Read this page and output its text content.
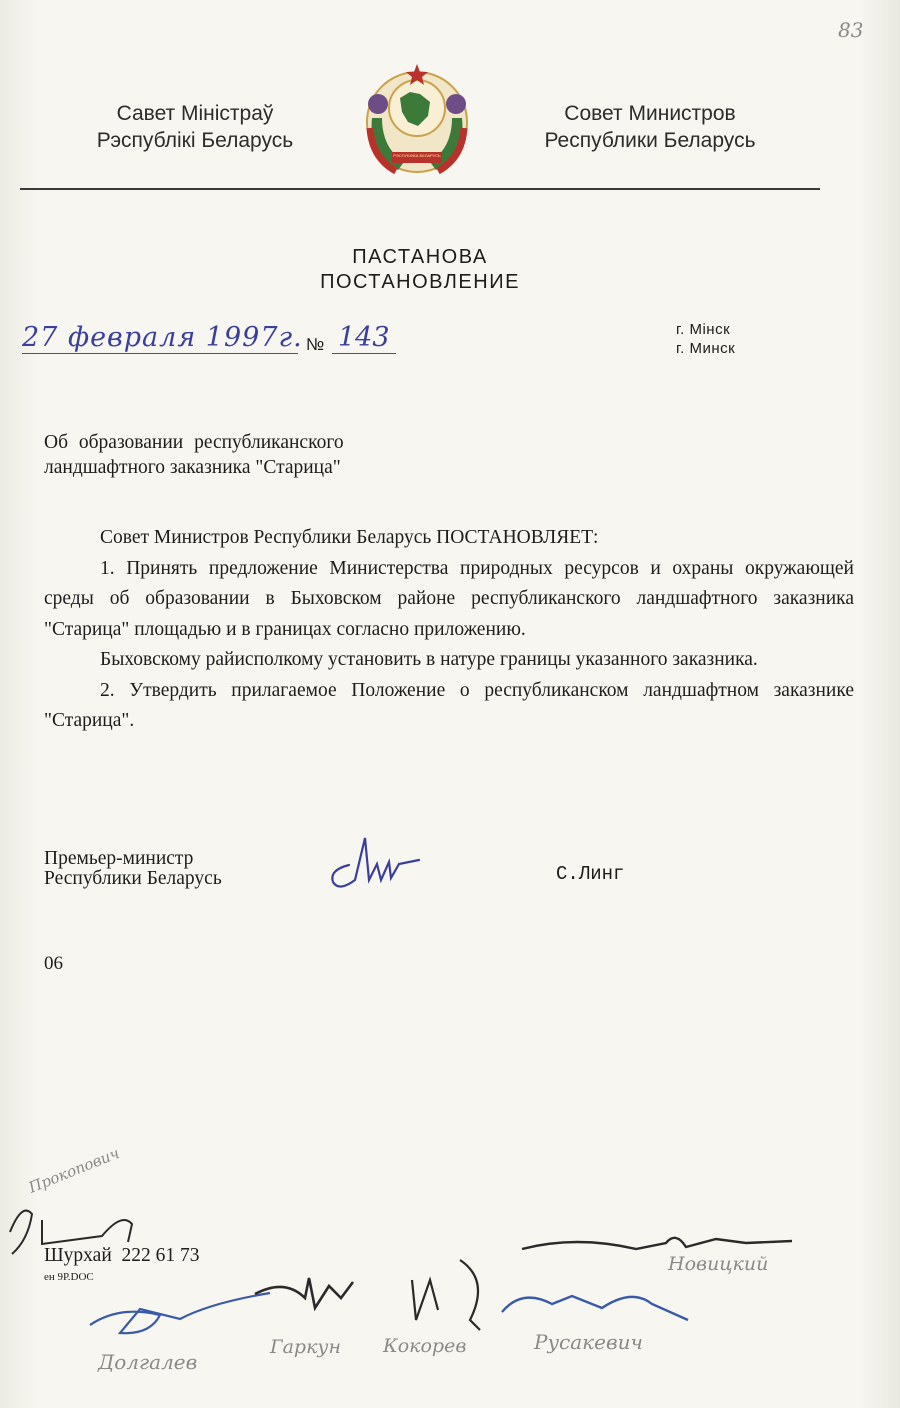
83
Савет Міністраў
Рэспублікі Беларусь
РЭСПУБЛІКА БЕЛАРУСЬ
Совет Министров
Республики Беларусь
ПАСТАНОВА
ПОСТАНОВЛЕНИЕ
27 февраля 1997г. № 143	г. Мінск
г. Минск
Об образовании республиканского
ландшафтного заказника "Старица"
Совет Министров Республики Беларусь ПОСТАНОВЛЯЕТ:
1. Принять предложение Министерства природных ресурсов и охраны окружающей среды об образовании в Быховском районе республиканского ландшафтного заказника "Старица" площадью и в границах согласно приложению.
Быховскому райисполкому установить в натуре границы указанного заказника.
2. Утвердить прилагаемое Положение о республиканском ландшафтном заказнике "Старица".
Премьер-министр
Республики Беларусь	С.Линг
06
Шурхай  222 61 73
ен 9Р.DOC
Прокопович
Новицкий
Долгалев
Гаркун Кокорев	Русакевич
